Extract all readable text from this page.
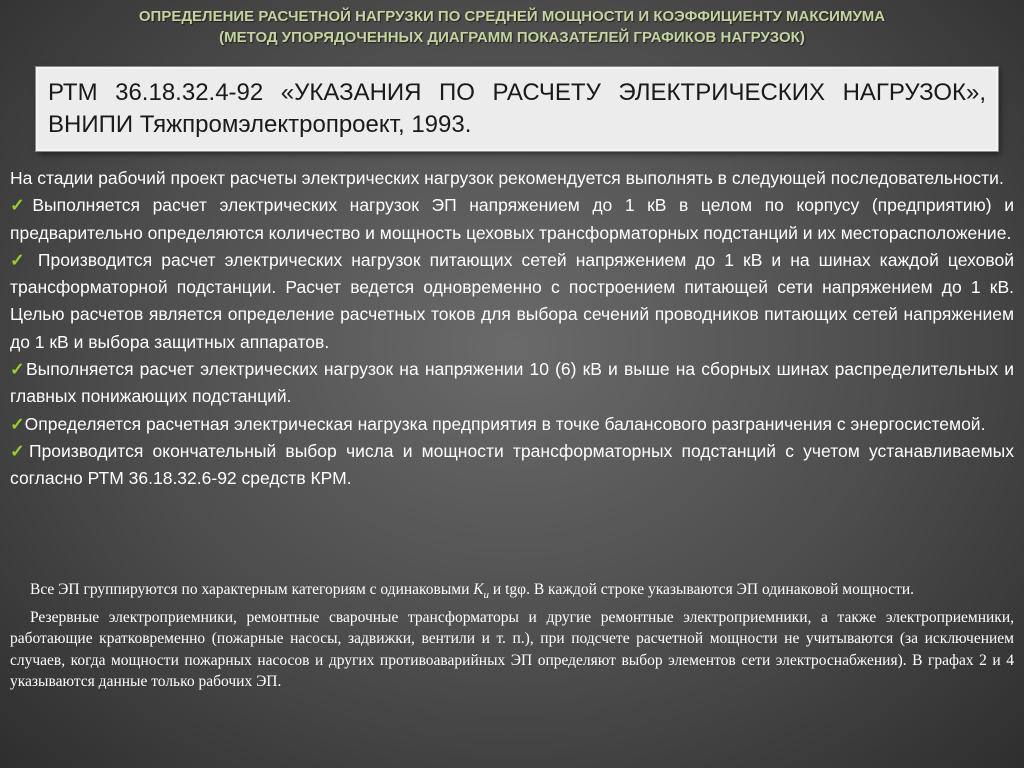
ОПРЕДЕЛЕНИЕ РАСЧЕТНОЙ НАГРУЗКИ ПО СРЕДНЕЙ МОЩНОСТИ И КОЭФФИЦИЕНТУ МАКСИМУМА
(МЕТОД УПОРЯДОЧЕННЫХ ДИАГРАММ ПОКАЗАТЕЛЕЙ ГРАФИКОВ НАГРУЗОК)
РТМ 36.18.32.4-92 «УКАЗАНИЯ ПО РАСЧЕТУ ЭЛЕКТРИЧЕСКИХ НАГРУЗОК», ВНИПИ Тяжпромэлектропроект, 1993.

На стадии рабочий проект расчеты электрических нагрузок рекомендуется выполнять в следующей последовательности.

✓Выполняется расчет электрических нагрузок ЭП напряжением до 1 кВ в целом по корпусу (предприятию) и предварительно определяются количество и мощность цеховых трансформаторных подстанций и их месторасположение.

✓ Производится расчет электрических нагрузок питающих сетей напряжением до 1 кВ и на шинах каждой цеховой трансформаторной подстанции. Расчет ведется одновременно с построением питающей сети напряжением до 1 кВ. Целью расчетов является определение расчетных токов для выбора сечений проводников питающих сетей напряжением до 1 кВ и выбора защитных аппаратов.

✓Выполняется расчет электрических нагрузок на напряжении 10 (6) кВ и выше на сборных шинах распределительных и главных понижающих подстанций.

✓Определяется расчетная электрическая нагрузка предприятия в точке балансового разграничения с энергосистемой.

✓Производится окончательный выбор числа и мощности трансформаторных подстанций с учетом устанавливаемых согласно РТМ 36.18.32.6-92 средств КРМ.

Все ЭП группируются по характерным категориям с одинаковыми $К_и$ и tgφ. В каждой строке указываются ЭП одинаковой мощности.

Резервные электроприемники, ремонтные сварочные трансформаторы и другие ремонтные электроприемники, а также электроприемники, работающие кратковременно (пожарные насосы, задвижки, вентили и т. п.), при подсчете расчетной мощности не учитываются (за исключением случаев, когда мощности пожарных насосов и других противоаварийных ЭП определяют выбор элементов сети электроснабжения). В графах 2 и 4 указываются данные только рабочих ЭП.
